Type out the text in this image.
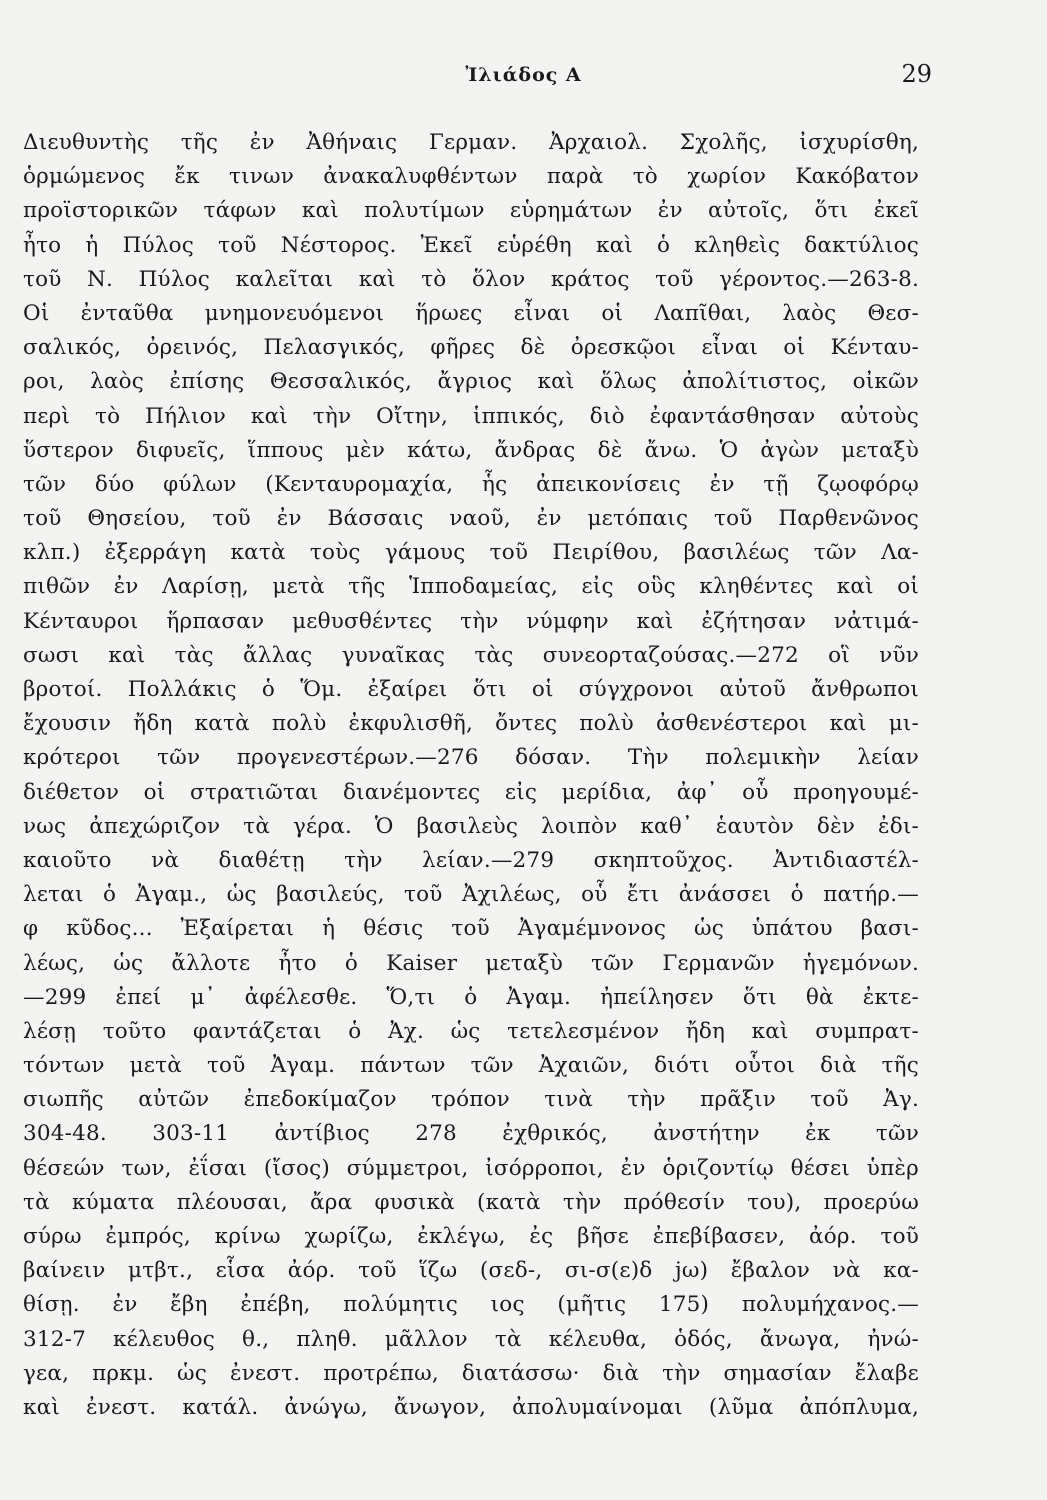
Ἰλιάδος Α	29
Διευθυντὴς τῆς ἐν Ἀθήναις Γερμαν. Ἀρχαιολ. Σχολῆς, ἰσχυρίσθη,
ὁρμώμενος ἔκ τινων ἀνακαλυφθέντων παρὰ τὸ χωρίον Κακόβατον
προϊστορικῶν τάφων καὶ πολυτίμων εὑρημάτων ἐν αὐτοῖς, ὅτι ἐκεῖ
ἦτο ἡ Πύλος τοῦ Νέστορος. Ἐκεῖ εὑρέθη καὶ ὁ κληθεὶς δακτύλιος
τοῦ Ν. Πύλος καλεῖται καὶ τὸ ὅλον κράτος τοῦ γέροντος.—263-8.
Οἱ ἐνταῦθα μνημονευόμενοι ἥρωες εἶναι οἱ Λαπῖθαι, λαὸς Θεσ-
σαλικός, ὀρεινός, Πελασγικός, φῆρες δὲ ὀρεσκῷοι εἶναι οἱ Κένταυ-
ροι, λαὸς ἐπίσης Θεσσαλικός, ἄγριος καὶ ὅλως ἀπολίτιστος, οἰκῶν
περὶ τὸ Πήλιον καὶ τὴν Οἴτην, ἱππικός, διὸ ἐφαντάσθησαν αὐτοὺς
ὕστερον διφυεῖς, ἵππους μὲν κάτω, ἄνδρας δὲ ἄνω. Ὁ ἀγὼν μεταξὺ
τῶν δύο φύλων (Κενταυρομαχία, ἧς ἀπεικονίσεις ἐν τῇ ζῳοφόρῳ
τοῦ Θησείου, τοῦ ἐν Βάσσαις ναοῦ, ἐν μετόπαις τοῦ Παρθενῶνος
κλπ.) ἐξερράγη κατὰ τοὺς γάμους τοῦ Πειρίθου, βασιλέως τῶν Λα-
πιθῶν ἐν Λαρίσῃ, μετὰ τῆς Ἱπποδαμείας, εἰς οὓς κληθέντες καὶ οἱ
Κένταυροι ἥρπασαν μεθυσθέντες τὴν νύμφην καὶ ἐζήτησαν νἀτιμά-
σωσι καὶ τὰς ἄλλας γυναῖκας τὰς συνεορταζούσας.—272 οἳ νῦν
βροτοί. Πολλάκις ὁ Ὅμ. ἐξαίρει ὅτι οἱ σύγχρονοι αὐτοῦ ἄνθρωποι
ἔχουσιν ἤδη κατὰ πολὺ ἐκφυλισθῆ, ὄντες πολὺ ἀσθενέστεροι καὶ μι-
κρότεροι τῶν προγενεστέρων.—276 δόσαν. Τὴν πολεμικὴν λείαν
διέθετον οἱ στρατιῶται διανέμοντες εἰς μερίδια, ἀφ᾽ οὗ προηγουμέ-
νως ἀπεχώριζον τὰ γέρα. Ὁ βασιλεὺς λοιπὸν καθ᾽ ἑαυτὸν δὲν ἐδι-
καιοῦτο νὰ διαθέτῃ τὴν λείαν.—279 σκηπτοῦχος. Ἀντιδιαστέλ-
λεται ὁ Ἀγαμ., ὡς βασιλεύς, τοῦ Ἀχιλέως, οὗ ἔτι ἀνάσσει ὁ πατήρ.—
φ κῦδος... Ἐξαίρεται ἡ θέσις τοῦ Ἀγαμέμνονος ὡς ὑπάτου βασι-
λέως, ὡς ἄλλοτε ἦτο ὁ Kaiser μεταξὺ τῶν Γερμανῶν ἡγεμόνων.
—299 ἐπεί μ᾽ ἀφέλεσθε. Ὅ,τι ὁ Ἀγαμ. ἠπείλησεν ὅτι θὰ ἐκτε-
λέσῃ τοῦτο φαντάζεται ὁ Ἀχ. ὡς τετελεσμένον ἤδη καὶ συμπρατ-
τόντων μετὰ τοῦ Ἀγαμ. πάντων τῶν Ἀχαιῶν, διότι οὗτοι διὰ τῆς
σιωπῆς αὐτῶν ἐπεδοκίμαζον τρόπον τινὰ τὴν πρᾶξιν τοῦ Ἀγ.
304-48. 303-11 ἀντίβιος 278 ἐχθρικός, ἀνστήτην ἐκ τῶν
θέσεών των, ἐΐσαι (ἴσος) σύμμετροι, ἰσόρροποι, ἐν ὁριζοντίῳ θέσει ὑπὲρ
τὰ κύματα πλέουσαι, ἄρα φυσικὰ (κατὰ τὴν πρόθεσίν του), προερύω
σύρω ἐμπρός, κρίνω χωρίζω, ἐκλέγω, ἐς βῆσε ἐπεβίβασεν, ἀόρ. τοῦ
βαίνειν μτβτ., εἷσα ἀόρ. τοῦ ἵζω (σεδ-, σι-σ(ε)δ jω) ἔβαλον νὰ κα-
θίσῃ. ἐν ἔβη ἐπέβη, πολύμητις ιος (μῆτις 175) πολυμήχανος.—
312-7 κέλευθος θ., πληθ. μᾶλλον τὰ κέλευθα, ὁδός, ἄνωγα, ἠνώ-
γεα, πρκμ. ὡς ἐνεστ. προτρέπω, διατάσσω· διὰ τὴν σημασίαν ἔλαβε
καὶ ἐνεστ. κατάλ. ἀνώγω, ἄνωγον, ἀπολυμαίνομαι (λῦμα ἀπόπλυμα,
